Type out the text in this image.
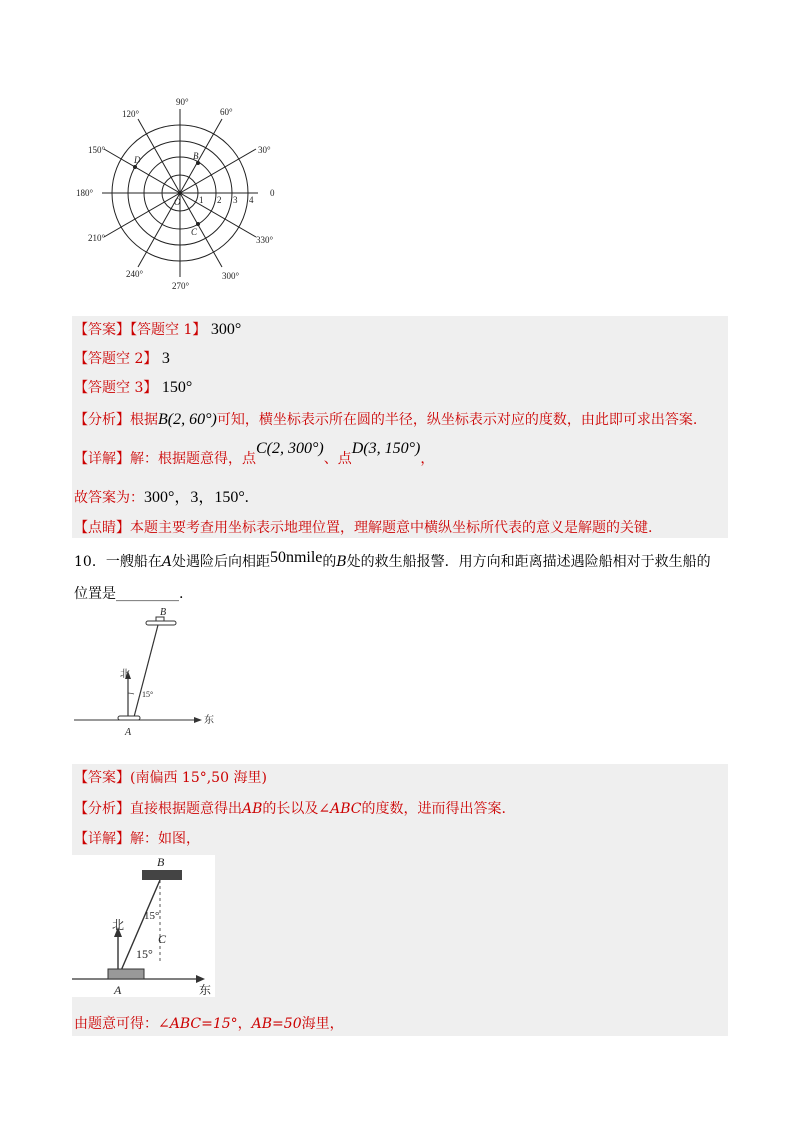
90°
60°
120°
30°
150°
0
180°
330°
210°
300°
240°
270°
1 2 3 4
B
D
C
O
【答案】【答题空 1】 300°
【答题空 2】 3
【答题空 3】 150°
【分析】根据B(2, 60°)可知，横坐标表示所在圆的半径，纵坐标表示对应的度数，由此即可求出答案.
【详解】解：根据题意得，点C(2, 300°)、点D(3, 150°)，
故答案为：300°，3，150°.
【点睛】本题主要考查用坐标表示地理位置，理解题意中横纵坐标所代表的意义是解题的关键.
10．一艘船在A处遇险后向相距50nmile的B处的救生船报警．用方向和距离描述遇险船相对于救生船的
位置是_________.
B
北
15°
东
A
【答案】(南偏西 15°,50 海里)
【分析】直接根据题意得出AB的长以及∠ABC的度数，进而得出答案.
【详解】解：如图，
B
北
15°
15°
C
A	东
由题意可得：∠ABC=15°，AB=50海里，
